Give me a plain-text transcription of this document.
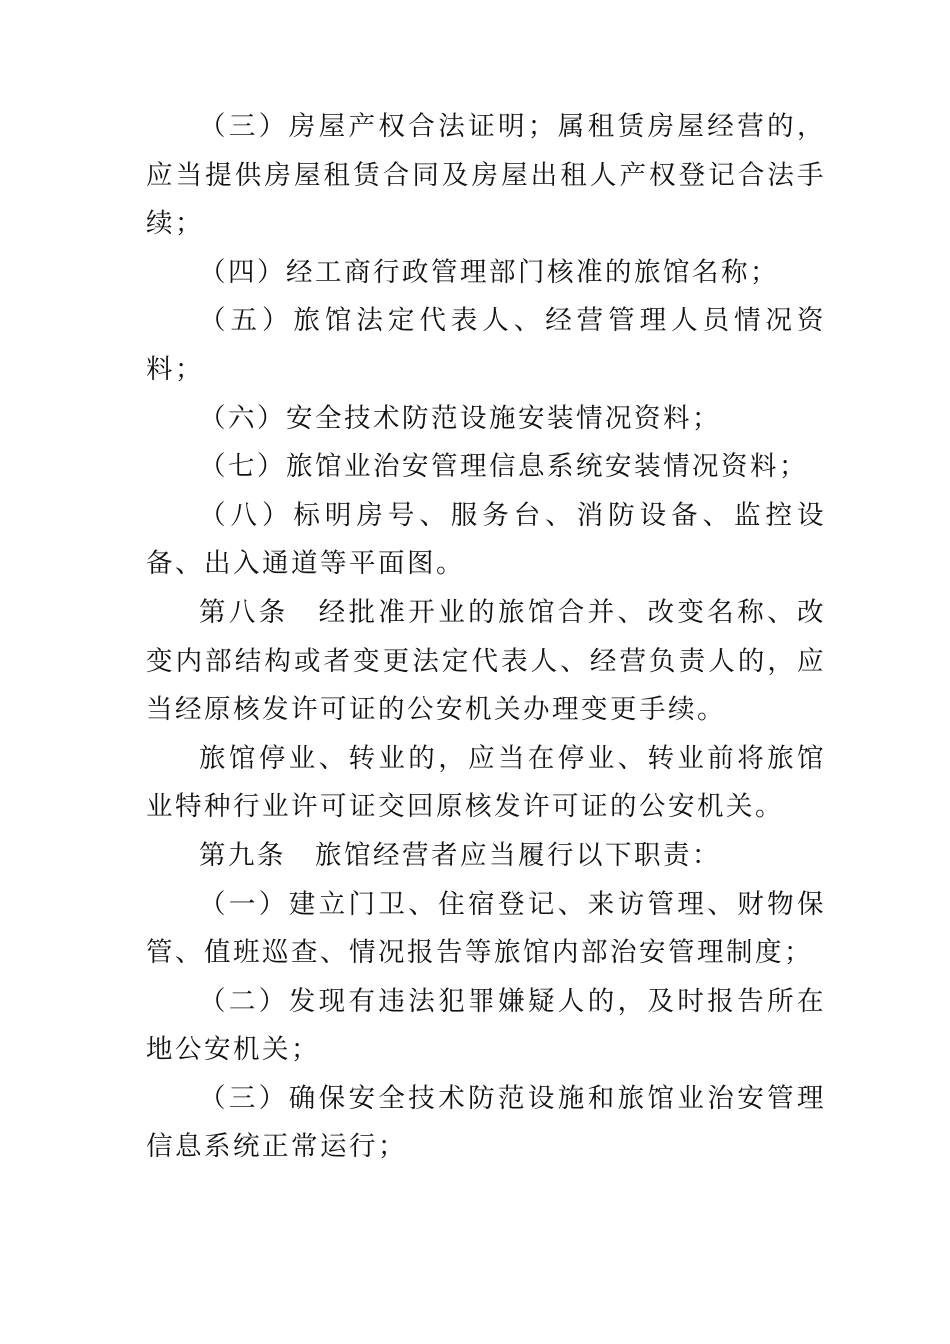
（三）房屋产权合法证明；属租赁房屋经营的，应当提供房屋租赁合同及房屋出租人产权登记合法手续；

（四）经工商行政管理部门核准的旅馆名称；

（五）旅馆法定代表人、经营管理人员情况资料；

（六）安全技术防范设施安装情况资料；

（七）旅馆业治安管理信息系统安装情况资料；

（八）标明房号、服务台、消防设备、监控设备、出入通道等平面图。

第八条　经批准开业的旅馆合并、改变名称、改变内部结构或者变更法定代表人、经营负责人的，应当经原核发许可证的公安机关办理变更手续。

旅馆停业、转业的，应当在停业、转业前将旅馆业特种行业许可证交回原核发许可证的公安机关。

第九条　旅馆经营者应当履行以下职责：

（一）建立门卫、住宿登记、来访管理、财物保管、值班巡查、情况报告等旅馆内部治安管理制度；

（二）发现有违法犯罪嫌疑人的，及时报告所在地公安机关；

（三）确保安全技术防范设施和旅馆业治安管理信息系统正常运行；
